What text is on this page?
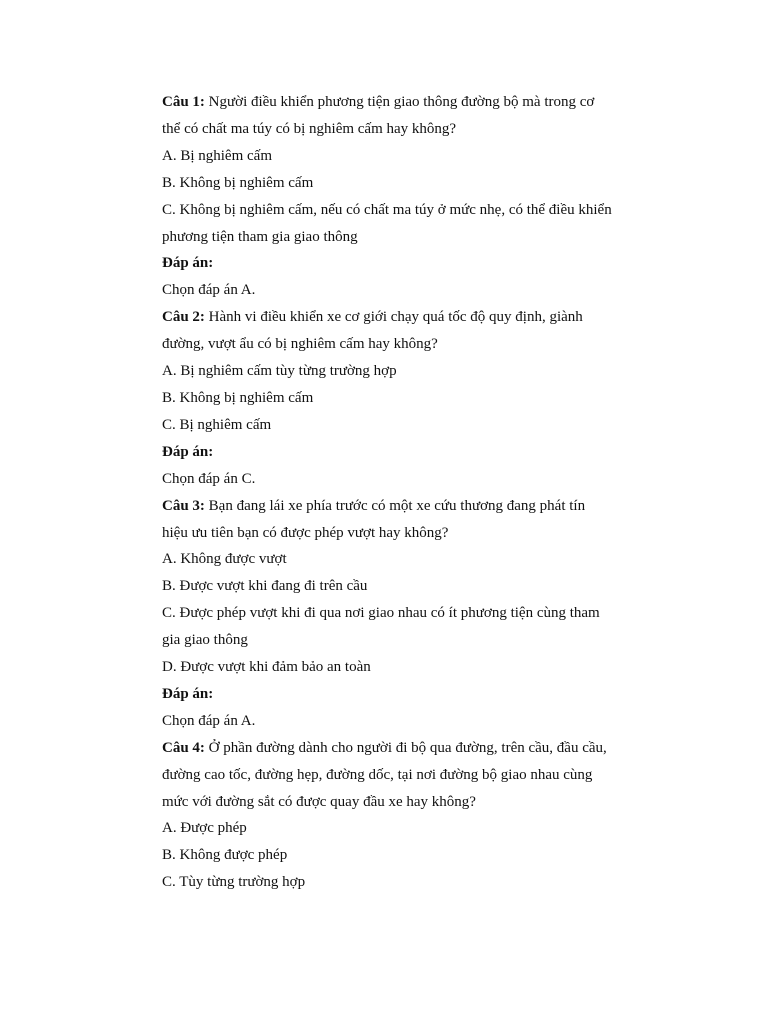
Câu 1: Người điều khiển phương tiện giao thông đường bộ mà trong cơ thể có chất ma túy có bị nghiêm cấm hay không?

A. Bị nghiêm cấm

B. Không bị nghiêm cấm

C. Không bị nghiêm cấm, nếu có chất ma túy ở mức nhẹ, có thể điều khiển phương tiện tham gia giao thông

Đáp án:

Chọn đáp án A.

Câu 2: Hành vi điều khiển xe cơ giới chạy quá tốc độ quy định, giành đường, vượt ẩu có bị nghiêm cấm hay không?

A. Bị nghiêm cấm tùy từng trường hợp

B. Không bị nghiêm cấm

C. Bị nghiêm cấm

Đáp án:

Chọn đáp án C.

Câu 3: Bạn đang lái xe phía trước có một xe cứu thương đang phát tín hiệu ưu tiên bạn có được phép vượt hay không?

A. Không được vượt

B. Được vượt khi đang đi trên cầu

C. Được phép vượt khi đi qua nơi giao nhau có ít phương tiện cùng tham gia giao thông

D. Được vượt khi đảm bảo an toàn

Đáp án:

Chọn đáp án A.

Câu 4: Ở phần đường dành cho người đi bộ qua đường, trên cầu, đầu cầu, đường cao tốc, đường hẹp, đường dốc, tại nơi đường bộ giao nhau cùng mức với đường sắt có được quay đầu xe hay không?

A. Được phép

B. Không được phép

C. Tùy từng trường hợp
